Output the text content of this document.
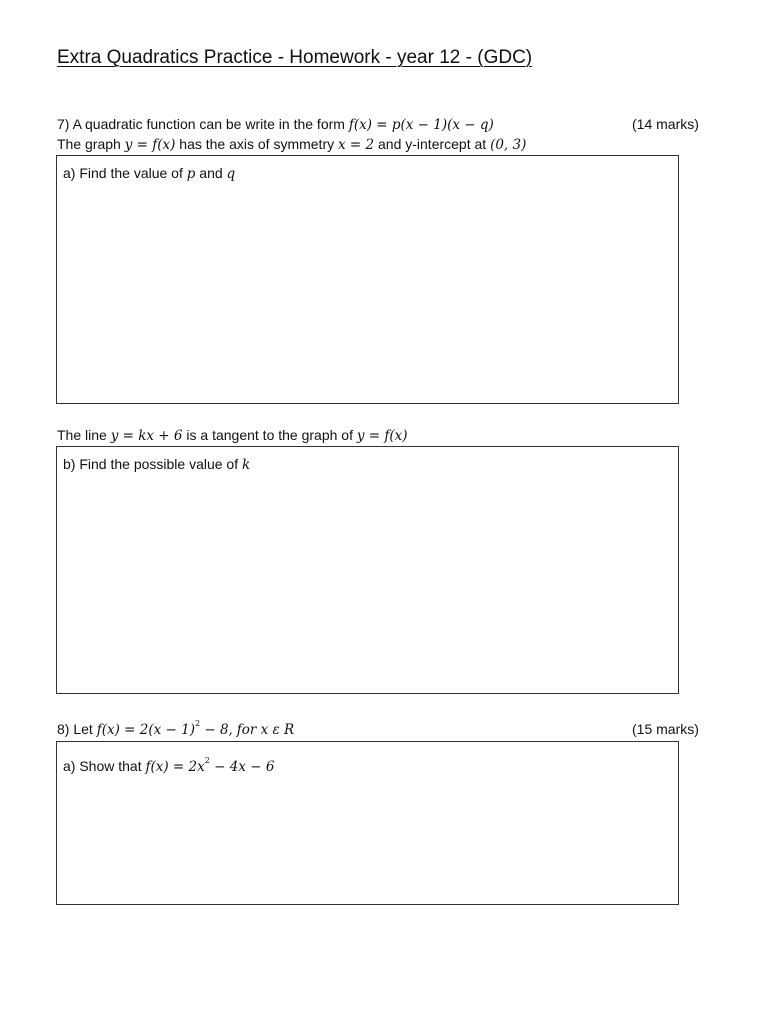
Extra Quadratics Practice - Homework - year 12 - (GDC)
7) A quadratic function can be write in the form f(x) = p(x − 1)(x − q)	(14 marks)
The graph y = f(x) has the axis of symmetry x = 2 and y-intercept at (0, 3)
a) Find the value of p and q
The line y = kx + 6 is a tangent to the graph of y = f(x)
b) Find the possible value of k
8) Let $f(x) = 2(x - 1)^2 - 8$, for x ε R	(15 marks)
a) Show that $f(x) = 2x^2 - 4x - 6$
